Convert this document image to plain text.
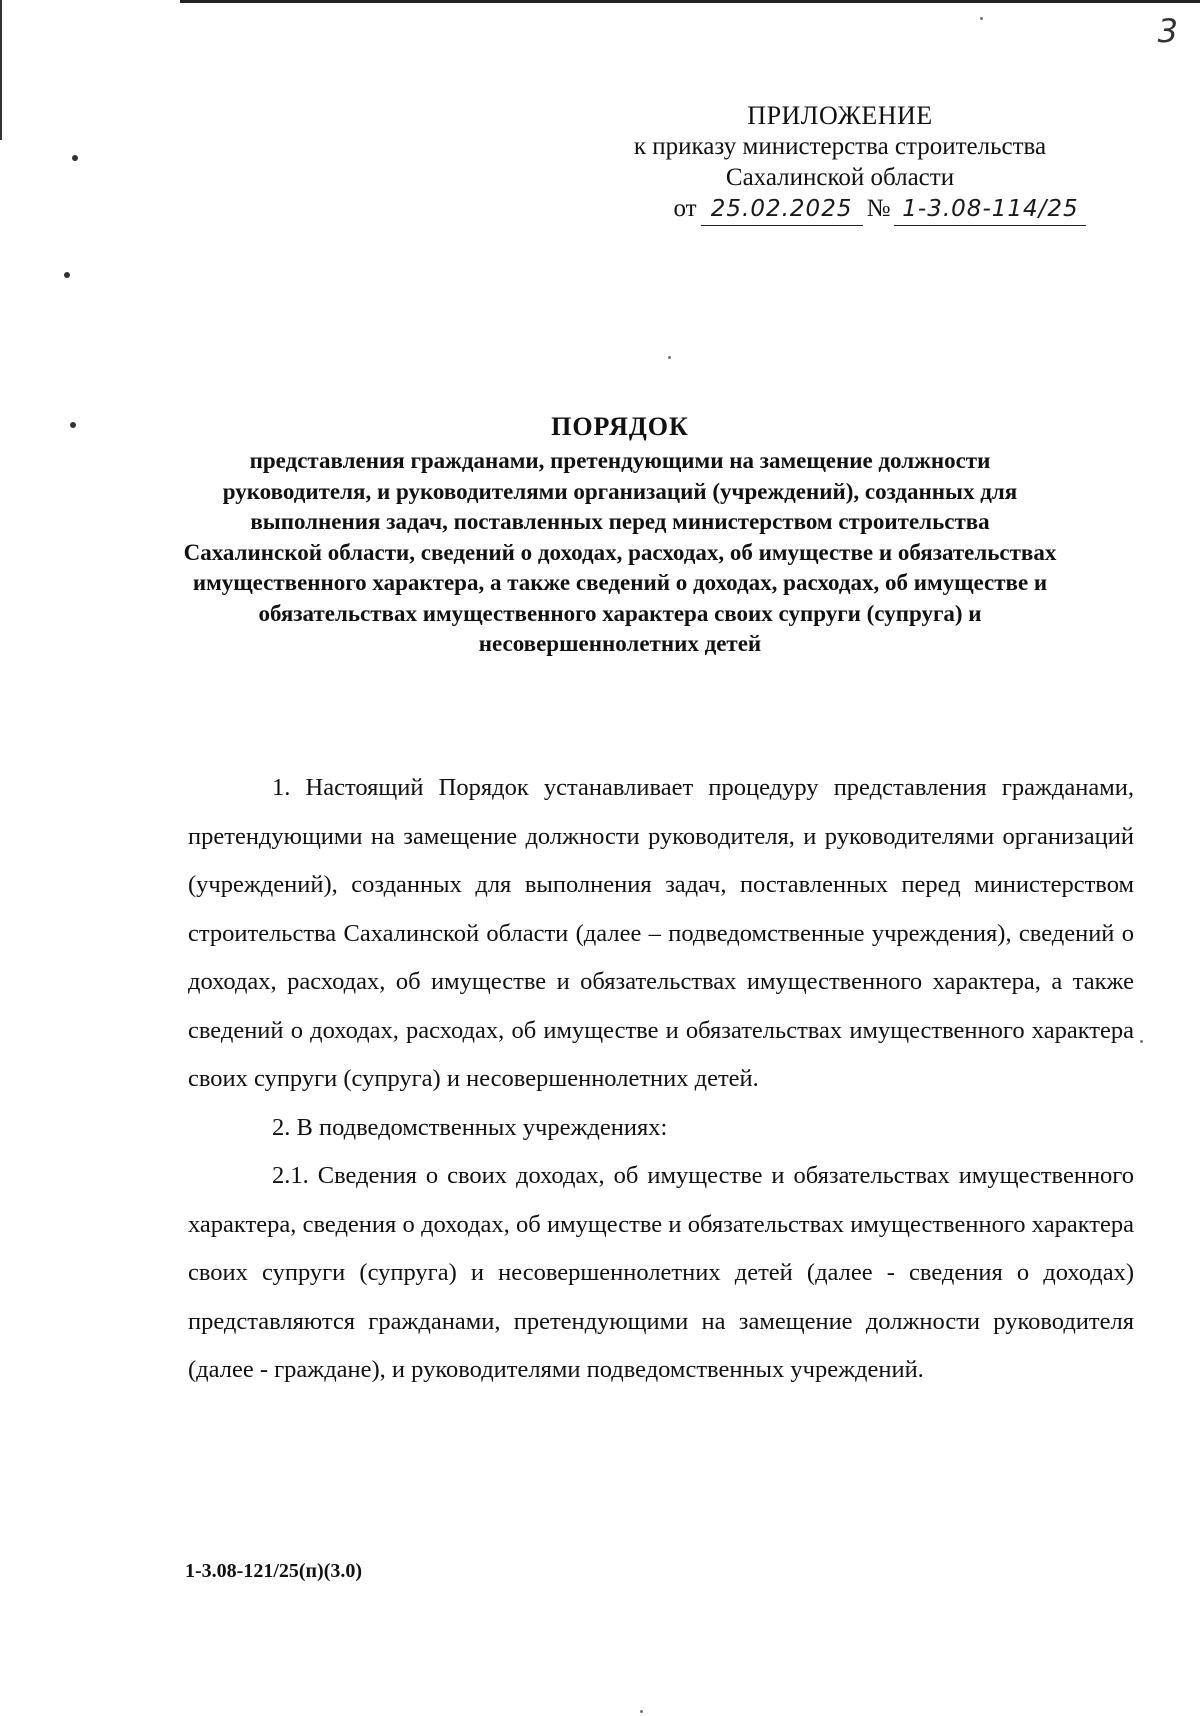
3
ПРИЛОЖЕНИЕ
к приказу министерства строительства
Сахалинской области
от 25.02.2025 № 1-3.08-114/25
ПОРЯДОК
представления гражданами, претендующими на замещение должности руководителя, и руководителями организаций (учреждений), созданных для выполнения задач, поставленных перед министерством строительства Сахалинской области, сведений о доходах, расходах, об имуществе и обязательствах имущественного характера, а также сведений о доходах, расходах, об имуществе и обязательствах имущественного характера своих супруги (супруга) и несовершеннолетних детей

1. Настоящий Порядок устанавливает процедуру представления гражданами, претендующими на замещение должности руководителя, и руководителями организаций (учреждений), созданных для выполнения задач, поставленных перед министерством строительства Сахалинской области (далее – подведомственные учреждения), сведений о доходах, расходах, об имуществе и обязательствах имущественного характера, а также сведений о доходах, расходах, об имуществе и обязательствах имущественного характера своих супруги (супруга) и несовершеннолетних детей.

2. В подведомственных учреждениях:

2.1. Сведения о своих доходах, об имуществе и обязательствах имущественного характера, сведения о доходах, об имуществе и обязательствах имущественного характера своих супруги (супруга) и несовершеннолетних детей (далее - сведения о доходах) представляются гражданами, претендующими на замещение должности руководителя (далее - граждане), и руководителями подведомственных учреждений.

1-3.08-121/25(п)(3.0)
